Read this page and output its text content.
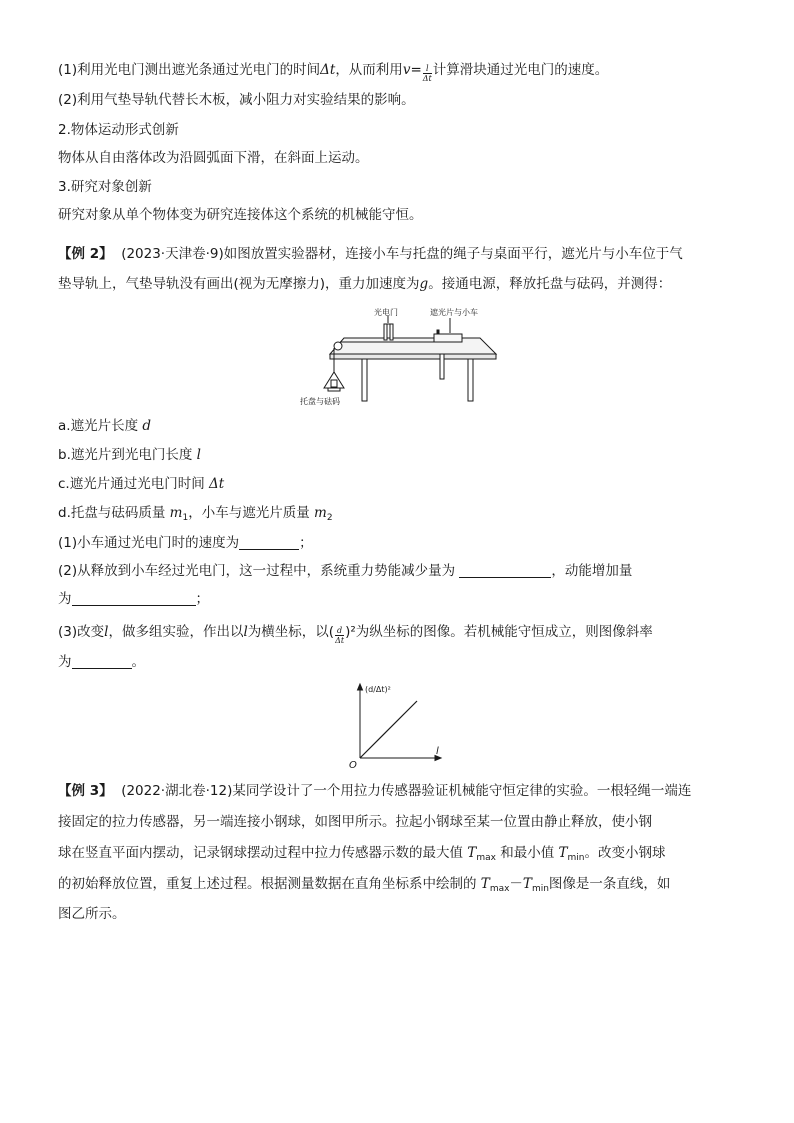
(1)利用光电门测出遮光条通过光电门的时间Δt，从而利用$v= \frac{l}{\Delta t}$ 计算滑块通过光电门的速度。
(2)利用气垫导轨代替长木板，减小阻力对实验结果的影响。
2.物体运动形式创新
物体从自由落体改为沿圆弧面下滑，在斜面上运动。
3.研究对象创新
研究对象从单个物体变为研究连接体这个系统的机械能守恒。
【例 2】 (2023·天津卷·9)如图放置实验器材，连接小车与托盘的绳子与桌面平行，遮光片与小车位于气
垫导轨上，气垫导轨没有画出(视为无摩擦力)，重力加速度为g。接通电源，释放托盘与砝码，并测得：
光电门	遮光片与小车
托盘与砝码
a.遮光片长度 d
b.遮光片到光电门长度 l
c.遮光片通过光电门时间 Δt
d.托盘与砝码质量 $m_1$，小车与遮光片质量 $m_2$
(1)小车通过光电门时的速度为	；
(2)从释放到小车经过光电门，这一过程中，系统重力势能减少量为	，动能增加量
为	；
(3)改变l，做多组实验，作出以l为横坐标，以( $\frac{d}{\Delta t} )^2$为纵坐标的图像。若机械能守恒成立，则图像斜率
为	。
(d/Δt)²
l
O
【例 3】 (2022·湖北卷·12)某同学设计了一个用拉力传感器验证机械能守恒定律的实验。一根轻绳一端连
接固定的拉力传感器，另一端连接小钢球，如图甲所示。拉起小钢球至某一位置由静止释放，使小钢
球在竖直平面内摆动，记录钢球摆动过程中拉力传感器示数的最大值 $T_{max}$ 和最小值 $T_{min}$。改变小钢球
的初始释放位置，重复上述过程。根据测量数据在直角坐标系中绘制的 $T_{max}-T_{min}$图像是一条直线，如
图乙所示。
